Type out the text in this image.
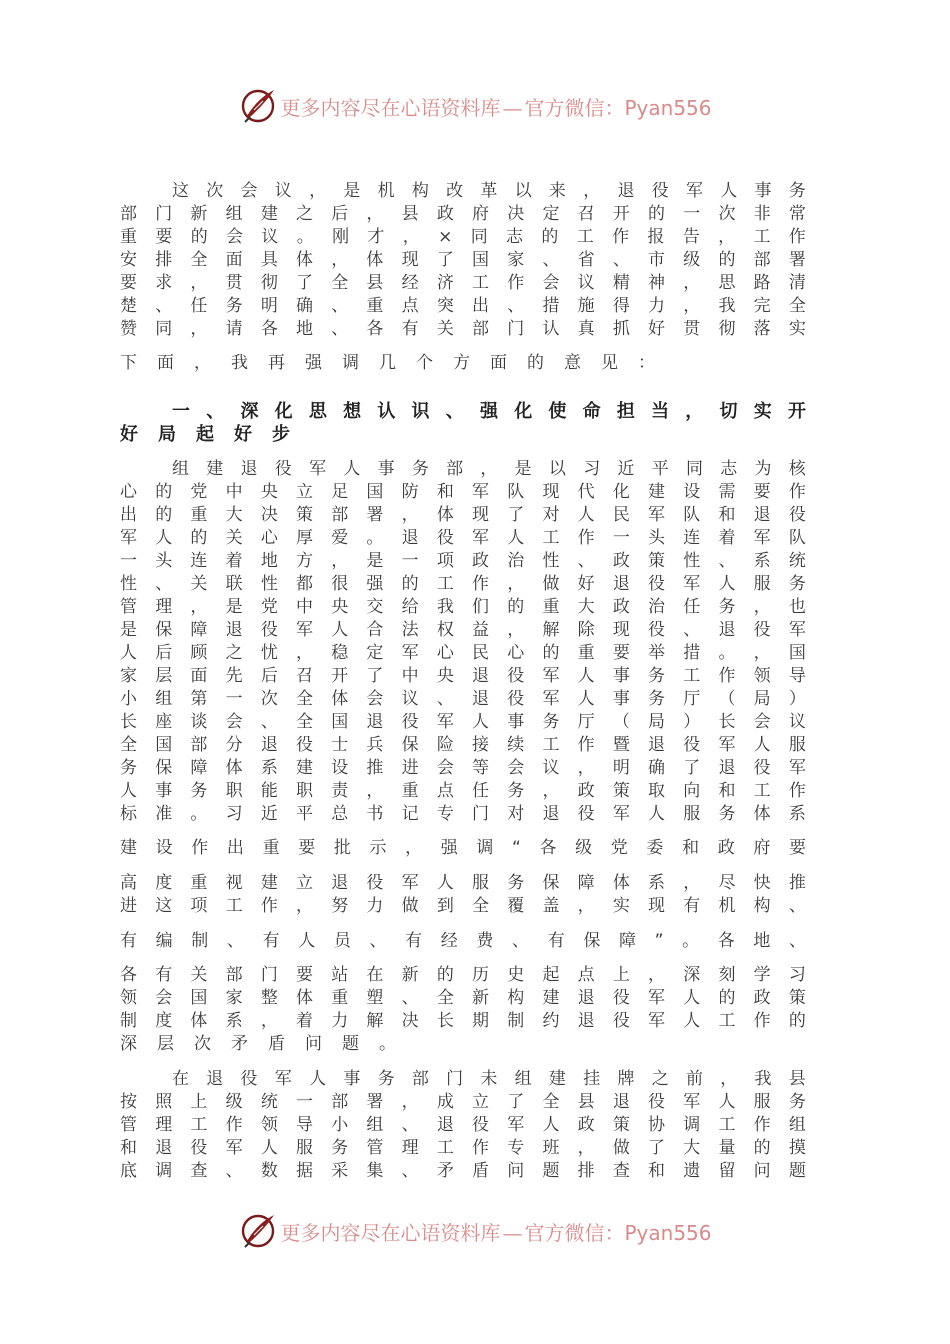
更多内容尽在心语资料库 — 官方微信：Pyan556
这 次 会 议 ， 是 机 构 改 革 以 来 ， 退 役 军 人 事 务
部 门 新 组 建 之 后 ， 县 政 府 决 定 召 开 的 一 次 非 常
重 要 的 会 议 。 刚 才 ， × 同 志 的 工 作 报 告 ， 工 作
安 排 全 面 具 体 ， 体 现 了 国 家 、 省 、 市 级 的 部 署
要 求 ， 贯 彻 了 全 县 经 济 工 作 会 议 精 神 ， 思 路 清
楚 、 任 务 明 确 、 重 点 突 出 、 措 施 得 力 ， 我 完 全
赞 同 ， 请 各 地 、 各 有 关 部 门 认 真 抓 好 贯 彻 落 实
下 面 ， 我 再 强 调 几 个 方 面 的 意 见 ：
一 、 深 化 思 想 认 识 、 强 化 使 命 担 当 ， 切 实 开
好 局 起 好 步
组 建 退 役 军 人 事 务 部 ， 是 以 习 近 平 同 志 为 核
心 的 党 中 央 立 足 国 防 和 军 队 现 代 化 建 设 需 要 作
出 的 重 大 决 策 部 署 ， 体 现 了 对 人 民 军 队 和 退 役
军 人 的 关 心 厚 爱 。 退 役 军 人 工 作 一 头 连 着 军 队
一 头 连 着 地 方 ， 是 一 项 政 治 性 、 政 策 性 、 系 统
性 、 关 联 性 都 很 强 的 工 作 ， 做 好 退 役 军 人 服 务
管 理 ， 是 党 中 央 交 给 我 们 的 重 大 政 治 任 务 ， 也
是 保 障 退 役 军 人 合 法 权 益 ， 解 除 现 役 、 退 役 军
人 后 顾 之 忧 ， 稳 定 军 心 民 心 的 重 要 举 措 。 ， 国
家 层 面 先 后 召 开 了 中 央 退 役 军 人 事 务 工 作 领 导
小 组 第 一 次 全 体 会 议 、 退 役 军 人 事 务 厅 （ 局 ）
长 座 谈 会 、 全 国 退 役 军 人 事 务 厅 （ 局 ） 长 会 议
全 国 部 分 退 役 士 兵 保 险 接 续 工 作 暨 退 役 军 人 服
务 保 障 体 系 建 设 推 进 会 等 会 议 ， 明 确 了 退 役 军
人 事 务 职 能 职 责 ， 重 点 任 务 ， 政 策 取 向 和 工 作
标 准 。 习 近 平 总 书 记 专 门 对 退 役 军 人 服 务 体 系
建 设 作 出 重 要 批 示 ， 强 调 “ 各 级 党 委 和 政 府 要
高 度 重 视 建 立 退 役 军 人 服 务 保 障 体 系 ， 尽 快 推
进 这 项 工 作 ， 努 力 做 到 全 覆 盖 ， 实 现 有 机 构 、
有 编 制 、 有 人 员 、 有 经 费 、 有 保 障 ” 。 各 地 、
各 有 关 部 门 要 站 在 新 的 历 史 起 点 上 ， 深 刻 学 习
领 会 国 家 整 体 重 塑 、 全 新 构 建 退 役 军 人 的 政 策
制 度 体 系 ， 着 力 解 决 长 期 制 约 退 役 军 人 工 作 的
深 层 次 矛 盾 问 题 。
在 退 役 军 人 事 务 部 门 未 组 建 挂 牌 之 前 ， 我 县
按 照 上 级 统 一 部 署 ， 成 立 了 全 县 退 役 军 人 服 务
管 理 工 作 领 导 小 组 、 退 役 军 人 政 策 协 调 工 作 组
和 退 役 军 人 服 务 管 理 工 作 专 班 ， 做 了 大 量 的 摸
底 调 查 、 数 据 采 集 、 矛 盾 问 题 排 查 和 遗 留 问 题
更多内容尽在心语资料库 — 官方微信：Pyan556
